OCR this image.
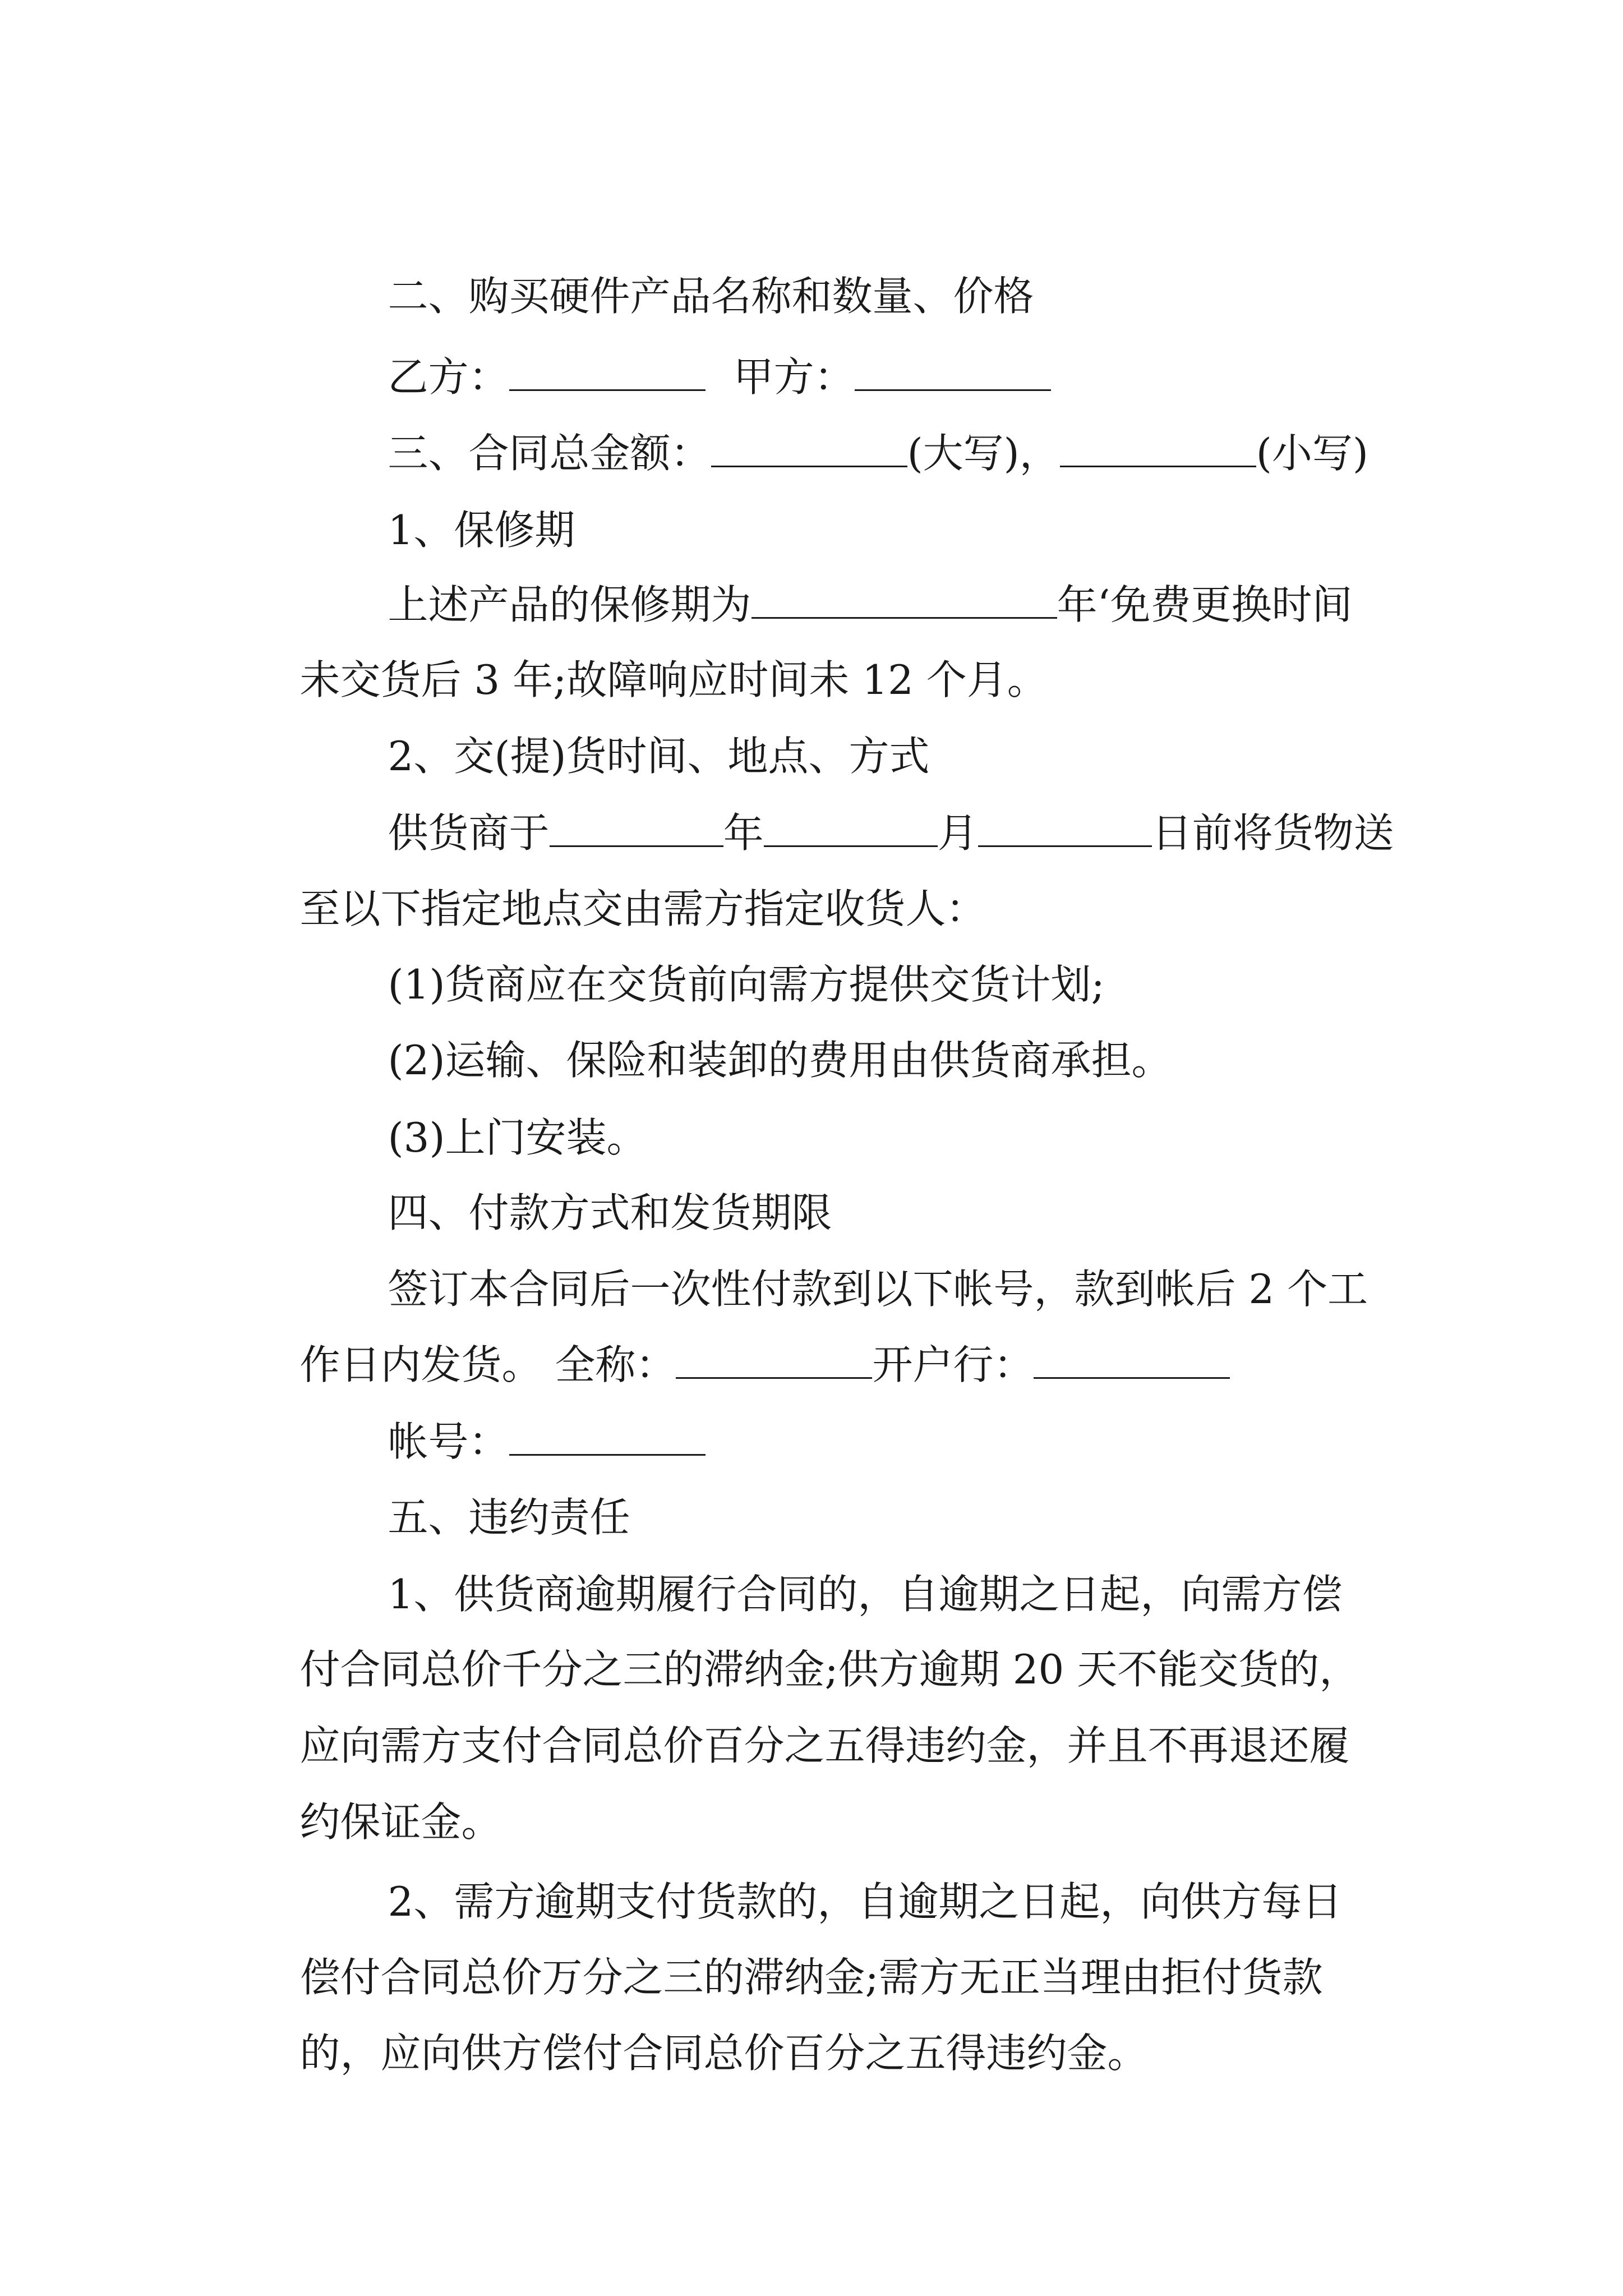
二、购买硬件产品名称和数量、价格

乙方：	甲方：

三、合同总金额：	(大写)，	(小写)

1、保修期

上述产品的保修期为	年‘免费更换时间

未交货后 3 年;故障响应时间未 12 个月。

2、交(提)货时间、地点、方式

供货商于	年	月	日前将货物送

至以下指定地点交由需方指定收货人：

(1)货商应在交货前向需方提供交货计划;

(2)运输、保险和装卸的费用由供货商承担。

(3)上门安装。

四、付款方式和发货期限

签订本合同后一次性付款到以下帐号，款到帐后 2 个工

作日内发货。 全称：	开户行：

帐号：

五、违约责任

1、供货商逾期履行合同的，自逾期之日起，向需方偿

付合同总价千分之三的滞纳金;供方逾期 20 天不能交货的，

应向需方支付合同总价百分之五得违约金，并且不再退还履

约保证金。

2、需方逾期支付货款的，自逾期之日起，向供方每日

偿付合同总价万分之三的滞纳金;需方无正当理由拒付货款

的，应向供方偿付合同总价百分之五得违约金。
